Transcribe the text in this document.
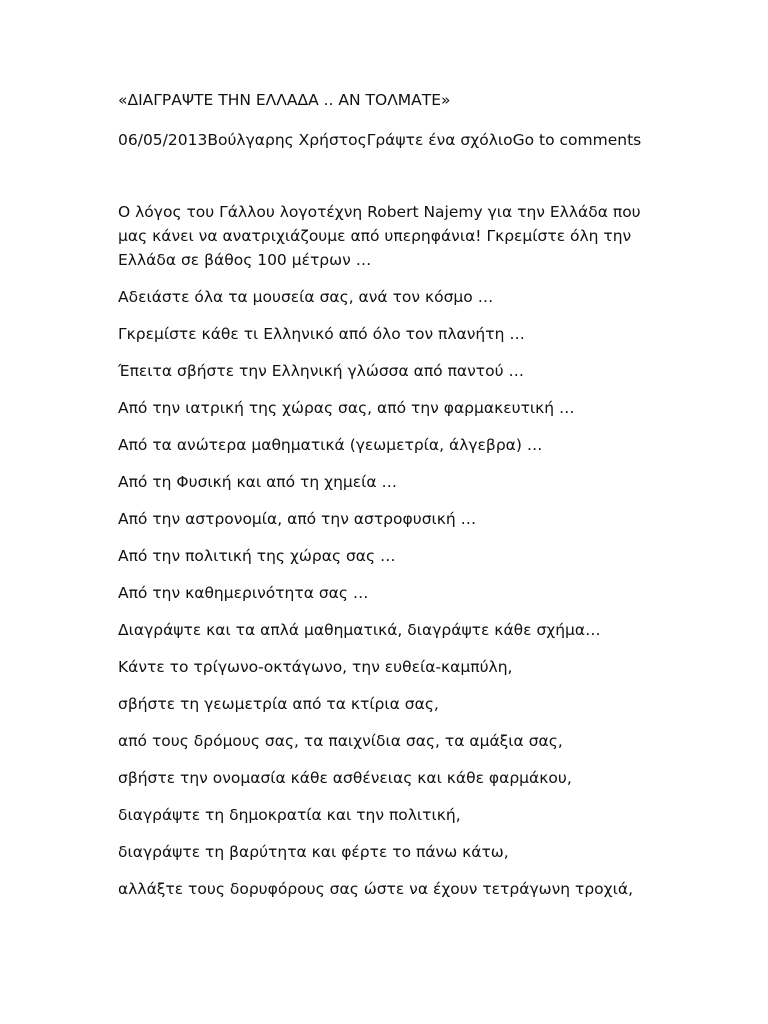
«ΔΙΑΓΡΑΨΤΕ ΤΗΝ ΕΛΛΑΔΑ .. ΑΝ ΤΟΛΜΑΤΕ»

06/05/2013Βούλγαρης ΧρήστοςΓράψτε ένα σχόλιοGo to comments

Ο λόγος του Γάλλου λογοτέχνη Robert Najemy για την Ελλάδα που μας κάνει να ανατριχιάζουμε από υπερηφάνια! Γκρεμίστε όλη την Ελλάδα σε βάθος 100 μέτρων …

Αδειάστε όλα τα μουσεία σας, ανά τον κόσμο …

Γκρεμίστε κάθε τι Ελληνικό από όλο τον πλανήτη …

Έπειτα σβήστε την Ελληνική γλώσσα από παντού …

Από την ιατρική της χώρας σας, από την φαρμακευτική …

Από τα ανώτερα μαθηματικά (γεωμετρία, άλγεβρα) …

Από τη Φυσική και από τη χημεία …

Από την αστρονομία, από την αστροφυσική …

Από την πολιτική της χώρας σας …

Από την καθημερινότητα σας …

Διαγράψτε και τα απλά μαθηματικά, διαγράψτε κάθε σχήμα…

Κάντε το τρίγωνο-οκτάγωνο, την ευθεία-καμπύλη,

σβήστε τη γεωμετρία από τα κτίρια σας,

από τους δρόμους σας, τα παιχνίδια σας, τα αμάξια σας,

σβήστε την ονομασία κάθε ασθένειας και κάθε φαρμάκου,

διαγράψτε τη δημοκρατία και την πολιτική,

διαγράψτε τη βαρύτητα και φέρτε το πάνω κάτω,

αλλάξτε τους δορυφόρους σας ώστε να έχουν τετράγωνη τροχιά,
